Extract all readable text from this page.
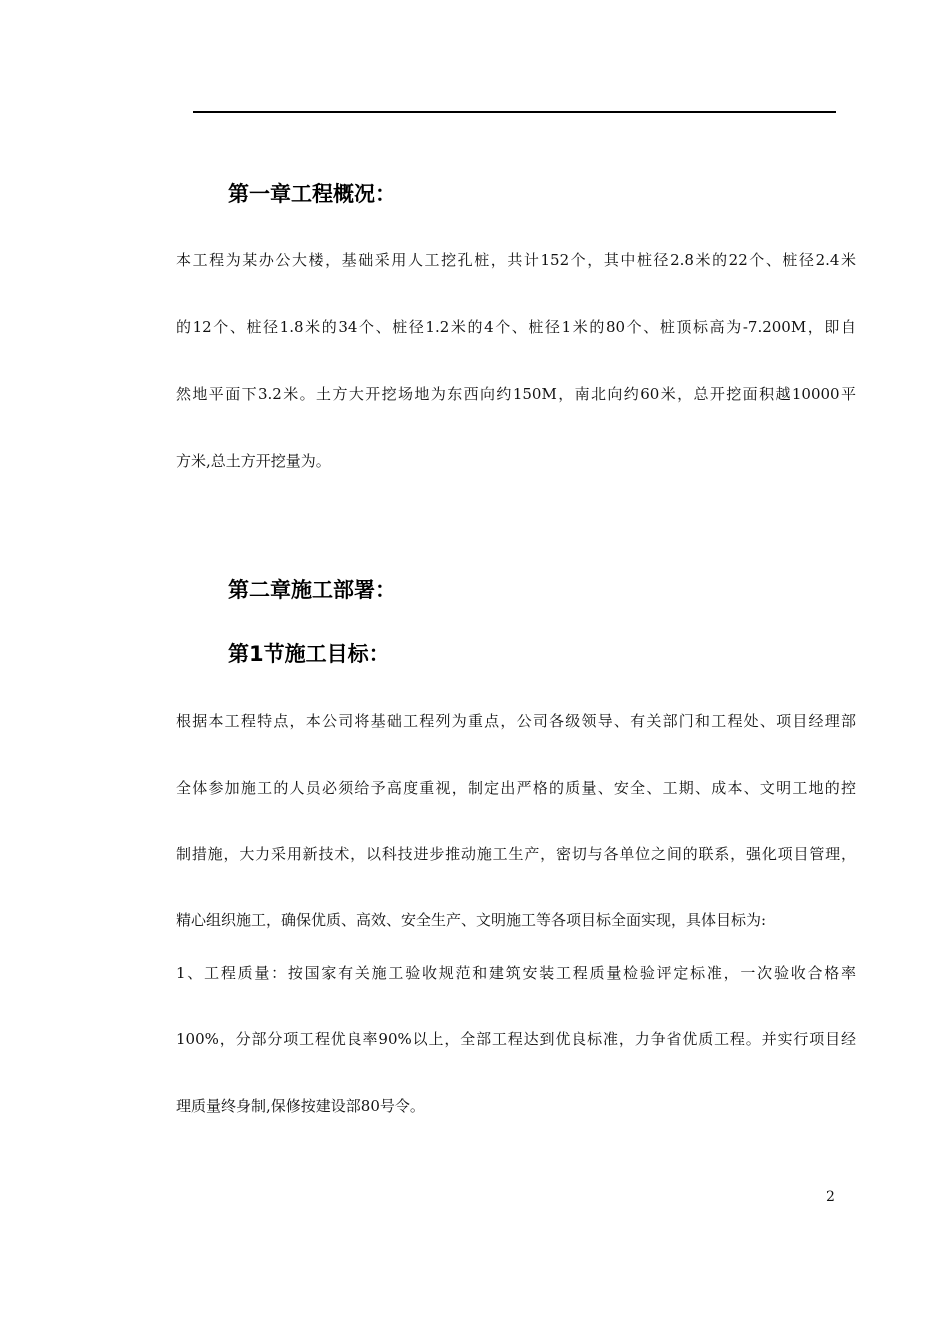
第一章工程概况：
本工程为某办公大楼，基础采用人工挖孔桩，共计152个，其中桩径2.8米的22个、桩径2.4米
的12个、桩径1.8米的34个、桩径1.2米的4个、桩径1米的80个、桩顶标高为-7.200M，即自
然地平面下3.2米。土方大开挖场地为东西向约150M，南北向约60米，总开挖面积越10000平
方米,总土方开挖量为。
第二章施工部署：
第1节施工目标：
根据本工程特点，本公司将基础工程列为重点，公司各级领导、有关部门和工程处、项目经理部
全体参加施工的人员必须给予高度重视，制定出严格的质量、安全、工期、成本、文明工地的控
制措施，大力采用新技术，以科技进步推动施工生产，密切与各单位之间的联系，强化项目管理，
精心组织施工，确保优质、高效、安全生产、文明施工等各项目标全面实现，具体目标为:
1、工程质量：按国家有关施工验收规范和建筑安装工程质量检验评定标准，一次验收合格率
100%，分部分项工程优良率90%以上，全部工程达到优良标准，力争省优质工程。并实行项目经
理质量终身制,保修按建设部80号令。
2
